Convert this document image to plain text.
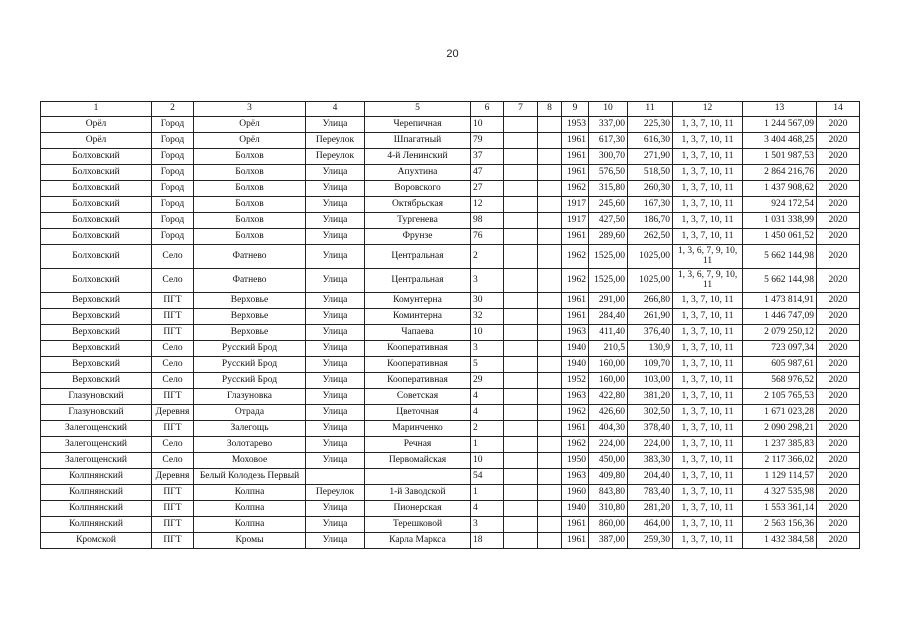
20
1	2	3	4	5	6	7	8	9	10	11	12	13	14
Орёл	Город	Орёл	Улица	Черепичная	10			1953	337,00	225,30	1, 3, 7, 10, 11	1 244 567,09	2020
Орёл	Город	Орёл	Переулок	Шпагатный	79			1961	617,30	616,30	1, 3, 7, 10, 11	3 404 468,25	2020
Болховский	Город	Болхов	Переулок	4-й Ленинский	37			1961	300,70	271,90	1, 3, 7, 10, 11	1 501 987,53	2020
Болховский	Город	Болхов	Улица	Апухтина	47			1961	576,50	518,50	1, 3, 7, 10, 11	2 864 216,76	2020
Болховский	Город	Болхов	Улица	Воровского	27			1962	315,80	260,30	1, 3, 7, 10, 11	1 437 908,62	2020
Болховский	Город	Болхов	Улица	Октябрьская	12			1917	245,60	167,30	1, 3, 7, 10, 11	924 172,54	2020
Болховский	Город	Болхов	Улица	Тургенева	98			1917	427,50	186,70	1, 3, 7, 10, 11	1 031 338,99	2020
Болховский	Город	Болхов	Улица	Фрунзе	76			1961	289,60	262,50	1, 3, 7, 10, 11	1 450 061,52	2020
Болховский	Село	Фатнево	Улица	Центральная	2			1962	1525,00	1025,00	1, 3, 6, 7, 9, 10, 11	5 662 144,98	2020
Болховский	Село	Фатнево	Улица	Центральная	3			1962	1525,00	1025,00	1, 3, 6, 7, 9, 10, 11	5 662 144,98	2020
Верховский	ПГТ	Верховье	Улица	Комунтерна	30			1961	291,00	266,80	1, 3, 7, 10, 11	1 473 814,91	2020
Верховский	ПГТ	Верховье	Улица	Коминтерна	32			1961	284,40	261,90	1, 3, 7, 10, 11	1 446 747,09	2020
Верховский	ПГТ	Верховье	Улица	Чапаева	10			1963	411,40	376,40	1, 3, 7, 10, 11	2 079 250,12	2020
Верховский	Село	Русский Брод	Улица	Кооперативная	3			1940	210,5	130,9	1, 3, 7, 10, 11	723 097,34	2020
Верховский	Село	Русский Брод	Улица	Кооперативная	5			1940	160,00	109,70	1, 3, 7, 10, 11	605 987,61	2020
Верховский	Село	Русский Брод	Улица	Кооперативная	29			1952	160,00	103,00	1, 3, 7, 10, 11	568 976,52	2020
Глазуновский	ПГТ	Глазуновка	Улица	Советская	4			1963	422,80	381,20	1, 3, 7, 10, 11	2 105 765,53	2020
Глазуновский	Деревня	Отрада	Улица	Цветочная	4			1962	426,60	302,50	1, 3, 7, 10, 11	1 671 023,28	2020
Залегощенский	ПГТ	Залегощь	Улица	Маринченко	2			1961	404,30	378,40	1, 3, 7, 10, 11	2 090 298,21	2020
Залегощенский	Село	Золотарево	Улица	Речная	1			1962	224,00	224,00	1, 3, 7, 10, 11	1 237 385,83	2020
Залегощенский	Село	Моховое	Улица	Первомайская	10			1950	450,00	383,30	1, 3, 7, 10, 11	2 117 366,02	2020
Колпнянский	Деревня	Белый Колодезь Первый			54			1963	409,80	204,40	1, 3, 7, 10, 11	1 129 114,57	2020
Колпнянский	ПГТ	Колпна	Переулок	1-й Заводской	1			1960	843,80	783,40	1, 3, 7, 10, 11	4 327 535,98	2020
Колпнянский	ПГТ	Колпна	Улица	Пионерская	4			1940	310,80	281,20	1, 3, 7, 10, 11	1 553 361,14	2020
Колпнянский	ПГТ	Колпна	Улица	Терешковой	3			1961	860,00	464,00	1, 3, 7, 10, 11	2 563 156,36	2020
Кромской	ПГТ	Кромы	Улица	Карла Маркса	18			1961	387,00	259,30	1, 3, 7, 10, 11	1 432 384,58	2020
